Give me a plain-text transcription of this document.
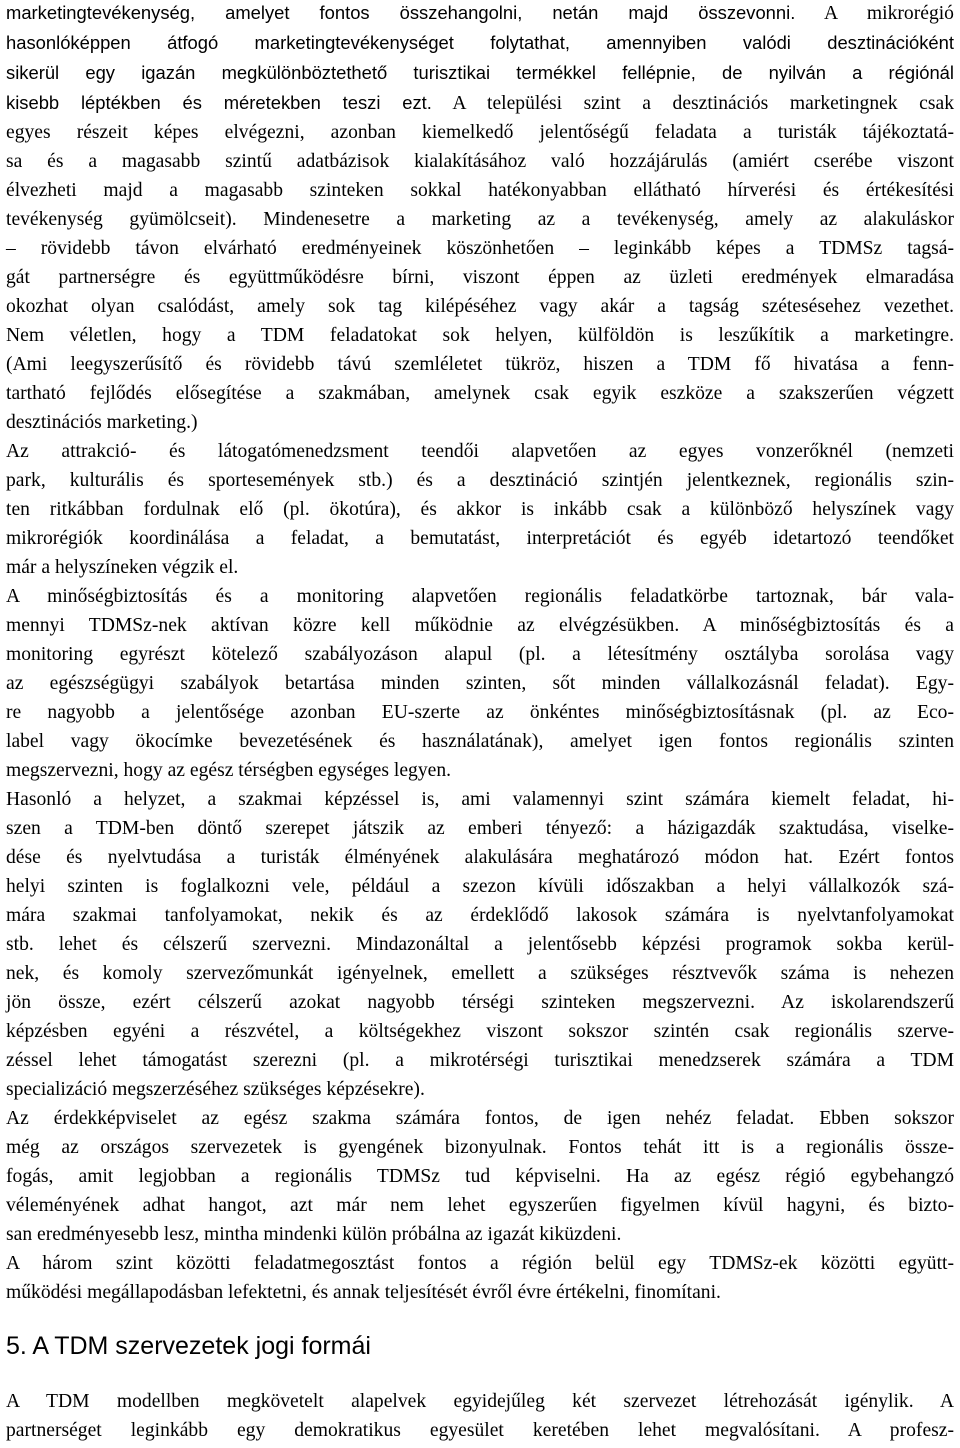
marketingtevékenység, amelyet fontos összehangolni, netán majd összevonni. A mikrorégió
hasonlóképpen átfogó marketingtevékenységet folytathat, amennyiben valódi desztinációként
sikerül egy igazán megkülönböztethető turisztikai termékkel fellépnie, de nyilván a régiónál
kisebb léptékben és méretekben teszi ezt. A települési szint a desztinációs marketingnek csak
egyes részeit képes elvégezni, azonban kiemelkedő jelentőségű feladata a turisták tájékoztatá-
sa és a magasabb szintű adatbázisok kialakításához való hozzájárulás (amiért cserébe viszont
élvezheti majd a magasabb szinteken sokkal hatékonyabban ellátható hírverési és értékesítési
tevékenység gyümölcseit). Mindenesetre a marketing az a tevékenység, amely az alakuláskor
– rövidebb távon elvárható eredményeinek köszönhetően – leginkább képes a TDMSz tagsá-
gát partnerségre és együttműködésre bírni, viszont éppen az üzleti eredmények elmaradása
okozhat olyan csalódást, amely sok tag kilépéséhez vagy akár a tagság szétesésehez vezethet.
Nem véletlen, hogy a TDM feladatokat sok helyen, külföldön is leszűkítik a marketingre.
(Ami leegyszerűsítő és rövidebb távú szemléletet tükröz, hiszen a TDM fő hivatása a fenn-
tartható fejlődés elősegítése a szakmában, amelynek csak egyik eszköze a szakszerűen végzett
desztinációs marketing.)

Az attrakció- és látogatómenedzsment teendői alapvetően az egyes vonzerőknél (nemzeti
park, kulturális és sportesemények stb.) és a desztináció szintjén jelentkeznek, regionális szin-
ten ritkábban fordulnak elő (pl. ökotúra), és akkor is inkább csak a különböző helyszínek vagy
mikrorégiók koordinálása a feladat, a bemutatást, interpretációt és egyéb idetartozó teendőket
már a helyszíneken végzik el.

A minőségbiztosítás és a monitoring alapvetően regionális feladatkörbe tartoznak, bár vala-
mennyi TDMSz-nek aktívan közre kell működnie az elvégzésükben. A minőségbiztosítás és a
monitoring egyrészt kötelező szabályozáson alapul (pl. a létesítmény osztályba sorolása vagy
az egészségügyi szabályok betartása minden szinten, sőt minden vállalkozásnál feladat). Egy-
re nagyobb a jelentősége azonban EU-szerte az önkéntes minőségbiztosításnak (pl. az Eco-
label vagy ökocímke bevezetésének és használatának), amelyet igen fontos regionális szinten
megszervezni, hogy az egész térségben egységes legyen.

Hasonló a helyzet, a szakmai képzéssel is, ami valamennyi szint számára kiemelt feladat, hi-
szen a TDM-ben döntő szerepet játszik az emberi tényező: a házigazdák szaktudása, viselke-
dése és nyelvtudása a turisták élményének alakulására meghatározó módon hat. Ezért fontos
helyi szinten is foglalkozni vele, például a szezon kívüli időszakban a helyi vállalkozók szá-
mára szakmai tanfolyamokat, nekik és az érdeklődő lakosok számára is nyelvtanfolyamokat
stb. lehet és célszerű szervezni. Mindazonáltal a jelentősebb képzési programok sokba kerül-
nek, és komoly szervezőmunkát igényelnek, emellett a szükséges résztvevők száma is nehezen
jön össze, ezért célszerű azokat nagyobb térségi szinteken megszervezni. Az iskolarendszerű
képzésben egyéni a részvétel, a költségekhez viszont sokszor szintén csak regionális szerve-
zéssel lehet támogatást szerezni (pl. a mikrotérségi turisztikai menedzserek számára a TDM
specializáció megszerzéséhez szükséges képzésekre).

Az érdekképviselet az egész szakma számára fontos, de igen nehéz feladat. Ebben sokszor
még az országos szervezetek is gyengének bizonyulnak. Fontos tehát itt is a regionális össze-
fogás, amit legjobban a regionális TDMSz tud képviselni. Ha az egész régió egybehangzó
véleményének adhat hangot, azt már nem lehet egyszerűen figyelmen kívül hagyni, és bizto-
san eredményesebb lesz, mintha mindenki külön próbálna az igazát kiküzdeni.

A három szint közötti feladatmegosztást fontos a régión belül egy TDMSz-ek közötti együtt-
működési megállapodásban lefektetni, és annak teljesítését évről évre értékelni, finomítani.

5. A TDM szervezetek jogi formái

A TDM modellben megkövetelt alapelvek egyidejűleg két szervezet létrehozását igénylik. A
partnerséget leginkább egy demokratikus egyesület keretében lehet megvalósítani. A profesz-
